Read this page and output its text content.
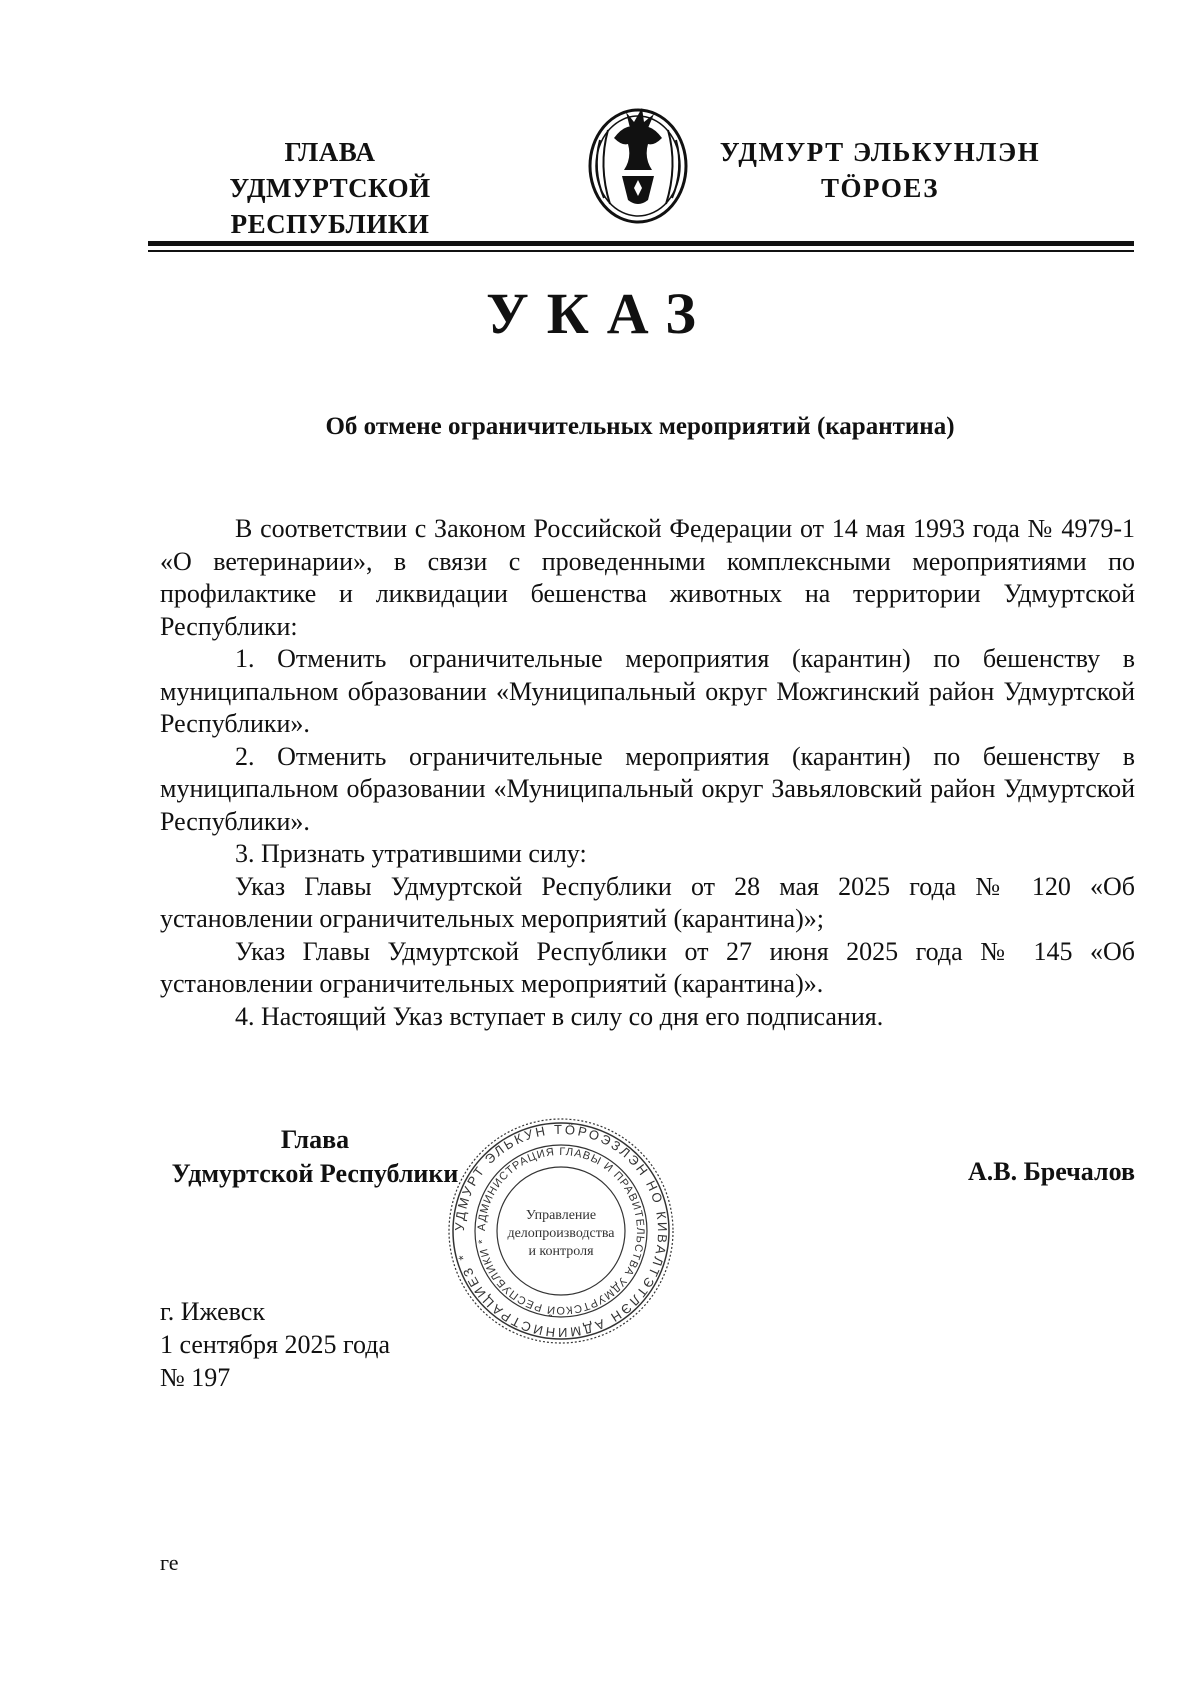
ГЛАВА
УДМУРТСКОЙ РЕСПУБЛИКИ
УДМУРТ ЭЛЬКУНЛЭН
ТӦРОЕЗ
УКАЗ
Об отмене ограничительных мероприятий (карантина)

В соответствии с Законом Российской Федерации от 14 мая 1993 года № 4979-1 «О ветеринарии», в связи с проведенными комплексными мероприятиями по профилактике и ликвидации бешенства животных на территории Удмуртской Республики:

1. Отменить ограничительные мероприятия (карантин) по бешенству в муниципальном образовании «Муниципальный округ Можгинский район Удмуртской Республики».

2. Отменить ограничительные мероприятия (карантин) по бешенству в муниципальном образовании «Муниципальный округ Завьяловский район Удмуртской Республики».

3. Признать утратившими силу:

Указ Главы Удмуртской Республики от 28 мая 2025 года № 120 «Об установлении ограничительных мероприятий (карантина)»;

Указ Главы Удмуртской Республики от 27 июня 2025 года № 145 «Об установлении ограничительных мероприятий (карантина)».

4. Настоящий Указ вступает в силу со дня его подписания.

УДМУРТ ЭЛЬКУН ТӦРОЭЗЛЭН НО КИВАЛТЭТЛЭН АДМИНИСТРАЦИЕЗ *
АДМИНИСТРАЦИЯ ГЛАВЫ И ПРАВИТЕЛЬСТВА УДМУРТСКОЙ РЕСПУБЛИКИ *
Управление
делопроизводства
и контроля
Глава
Удмуртской Республики	А.В. Бречалов
г. Ижевск
1 сентября 2025 года
№ 197
ге
